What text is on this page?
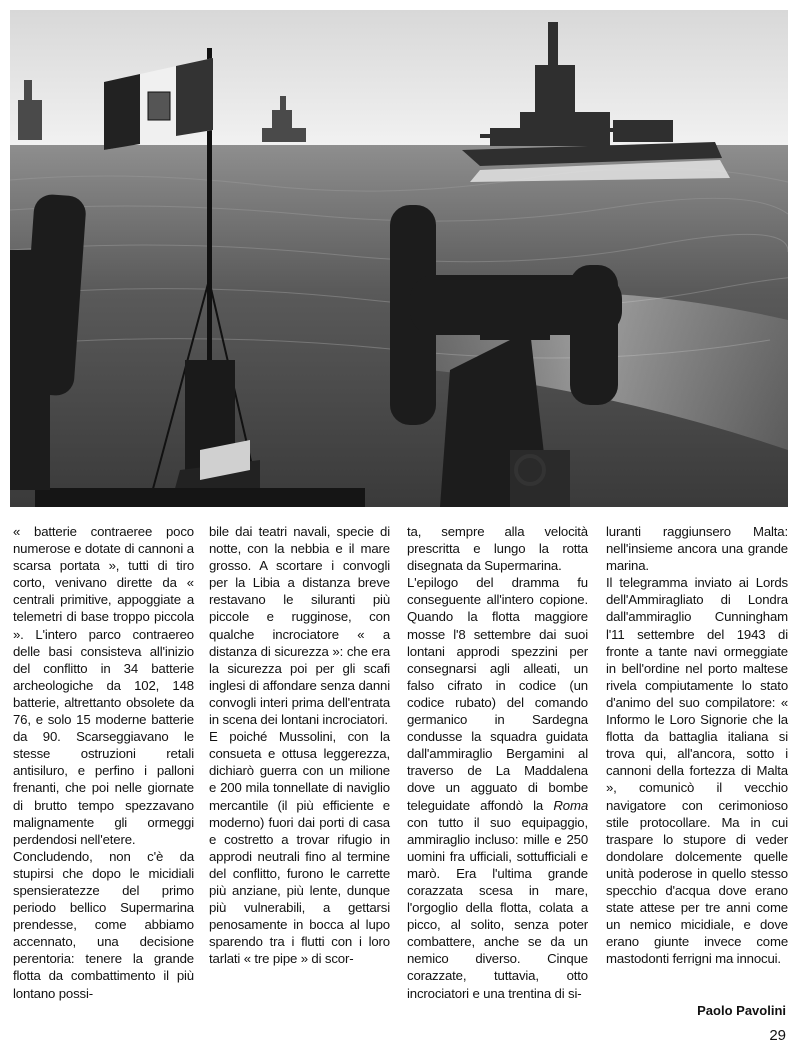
« batterie contraeree poco numerose e dotate di cannoni a scarsa portata », tutti di tiro corto, venivano dirette da « centrali primitive, appoggiate a telemetri di base troppo piccola ». L'intero parco contraereo delle basi consisteva all'inizio del conflitto in 34 batterie archeologiche da 102, 148 batterie, altrettanto obsolete da 76, e solo 15 moderne batterie da 90. Scarseggiavano le stesse ostruzioni retali antisiluro, e perfino i palloni frenanti, che poi nelle giornate di brutto tempo spezzavano malignamente gli ormeggi perdendosi nell'etere.

Concludendo, non c'è da stupirsi che dopo le micidiali spensieratezze del primo periodo bellico Supermarina prendesse, come abbiamo accennato, una decisione perentoria: tenere la grande flotta da combattimento il più lontano possi-

bile dai teatri navali, specie di notte, con la nebbia e il mare grosso. A scortare i convogli per la Libia a distanza breve restavano le siluranti più piccole e rugginose, con qualche incrociatore « a distanza di sicurezza »: che era la sicurezza poi per gli scafi inglesi di affondare senza danni convogli interi prima dell'entrata in scena dei lontani incrociatori.

E poiché Mussolini, con la consueta e ottusa leggerezza, dichiarò guerra con un milione e 200 mila tonnellate di naviglio mercantile (il più efficiente e moderno) fuori dai porti di casa e costretto a trovar rifugio in approdi neutrali fino al termine del conflitto, furono le carrette più anziane, più lente, dunque più vulnerabili, a gettarsi penosamente in bocca al lupo sparendo tra i flutti con i loro tarlati « tre pipe » di scor-

ta, sempre alla velocità prescritta e lungo la rotta disegnata da Supermarina.

L'epilogo del dramma fu conseguente all'intero copione. Quando la flotta maggiore mosse l'8 settembre dai suoi lontani approdi spezzini per consegnarsi agli alleati, un falso cifrato in codice (un codice rubato) del comando germanico in Sardegna condusse la squadra guidata dall'ammiraglio Bergamini al traverso de La Maddalena dove un agguato di bombe teleguidate affondò la Roma con tutto il suo equipaggio, ammiraglio incluso: mille e 250 uomini fra ufficiali, sottufficiali e marò. Era l'ultima grande corazzata scesa in mare, l'orgoglio della flotta, colata a picco, al solito, senza poter combattere, anche se da un nemico diverso. Cinque corazzate, tuttavia, otto incrociatori e una trentina di si-

luranti raggiunsero Malta: nell'insieme ancora una grande marina.

Il telegramma inviato ai Lords dell'Ammiragliato di Londra dall'ammiraglio Cunningham l'11 settembre del 1943 di fronte a tante navi ormeggiate in bell'ordine nel porto maltese rivela compiutamente lo stato d'animo del suo compilatore: « Informo le Loro Signorie che la flotta da battaglia italiana si trova qui, all'ancora, sotto i cannoni della fortezza di Malta », comunicò il vecchio navigatore con cerimonioso stile protocollare. Ma in cui traspare lo stupore di veder dondolare dolcemente quelle unità poderose in quello stesso specchio d'acqua dove erano state attese per tre anni come un nemico micidiale, e dove erano giunte invece come mastodonti ferrigni ma innocui.

Paolo Pavolini
29
